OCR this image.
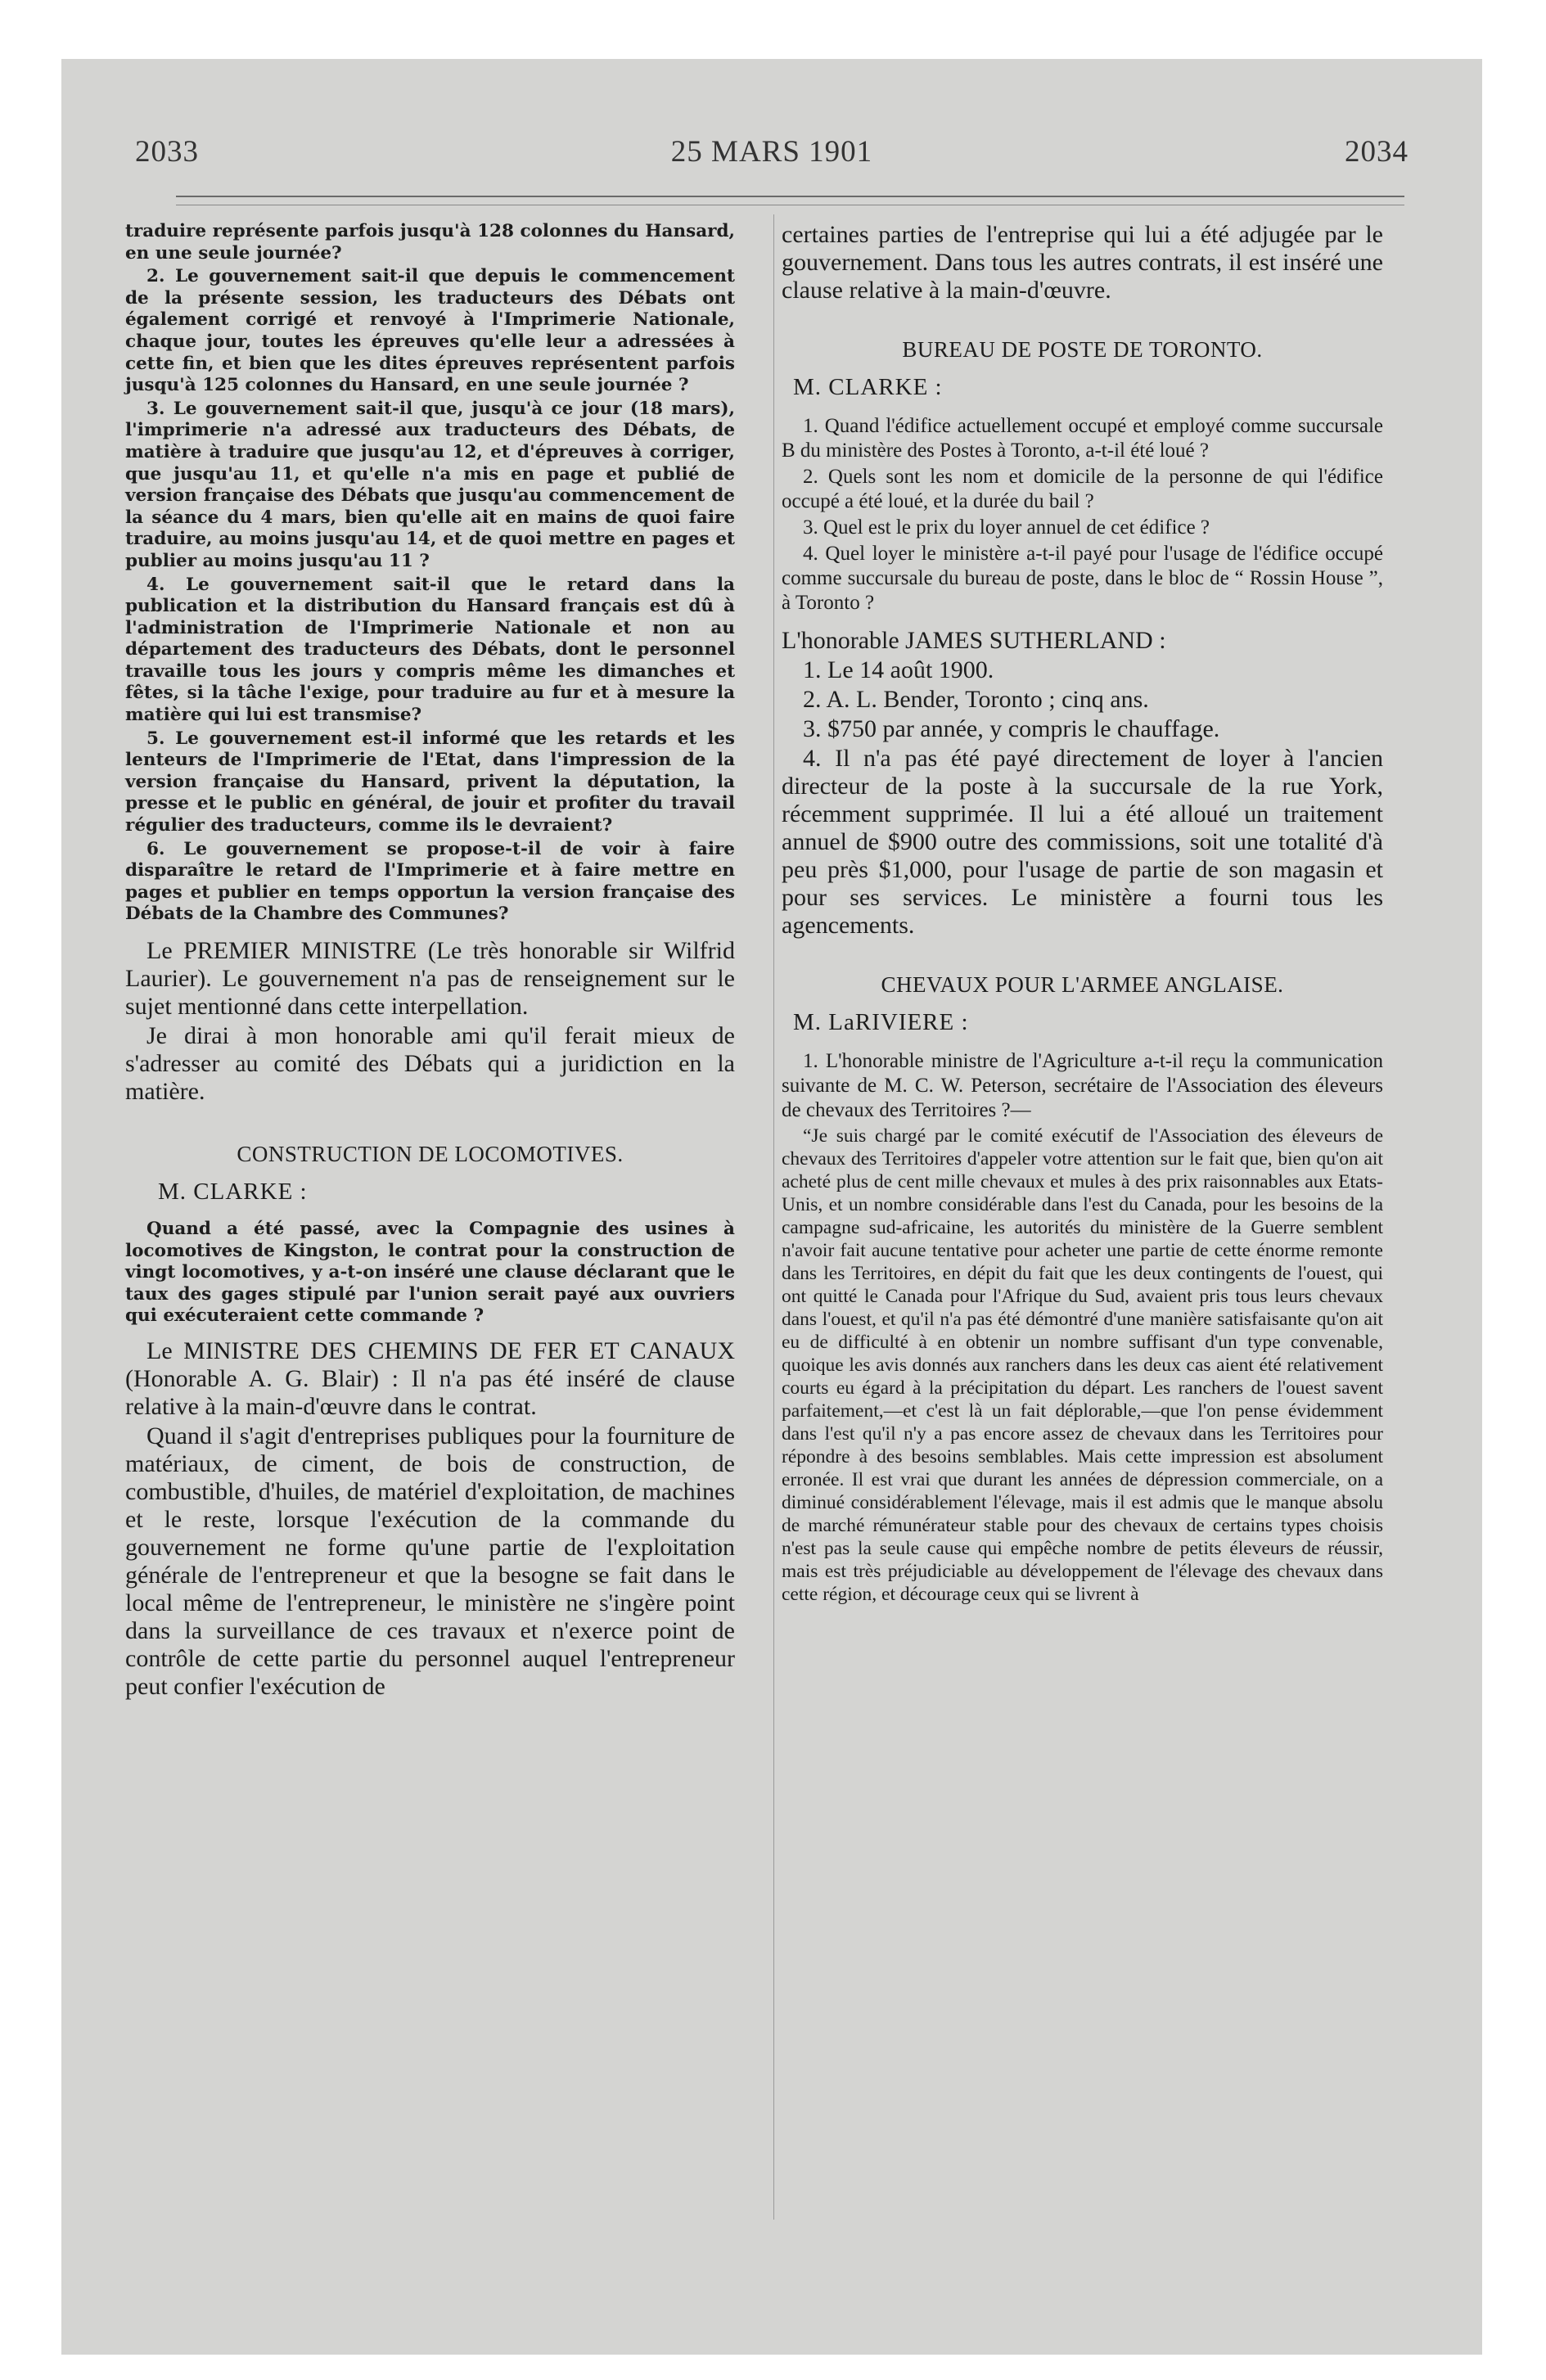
2033	25 MARS 1901	2034

traduire représente parfois jusqu'à 128 colonnes du Hansard, en une seule journée?

2. Le gouvernement sait-il que depuis le commencement de la présente session, les traducteurs des Débats ont également corrigé et renvoyé à l'Imprimerie Nationale, chaque jour, toutes les épreuves qu'elle leur a adressées à cette fin, et bien que les dites épreuves représentent parfois jusqu'à 125 colonnes du Hansard, en une seule journée ?

3. Le gouvernement sait-il que, jusqu'à ce jour (18 mars), l'imprimerie n'a adressé aux traducteurs des Débats, de matière à traduire que jusqu'au 12, et d'épreuves à corriger, que jusqu'au 11, et qu'elle n'a mis en page et publié de version française des Débats que jusqu'au commencement de la séance du 4 mars, bien qu'elle ait en mains de quoi faire traduire, au moins jusqu'au 14, et de quoi mettre en pages et publier au moins jusqu'au 11 ?

4. Le gouvernement sait-il que le retard dans la publication et la distribution du Hansard français est dû à l'administration de l'Imprimerie Nationale et non au département des traducteurs des Débats, dont le personnel travaille tous les jours y compris même les dimanches et fêtes, si la tâche l'exige, pour traduire au fur et à mesure la matière qui lui est transmise?

5. Le gouvernement est-il informé que les retards et les lenteurs de l'Imprimerie de l'Etat, dans l'impression de la version française du Hansard, privent la députation, la presse et le public en général, de jouir et profiter du travail régulier des traducteurs, comme ils le devraient?

6. Le gouvernement se propose-t-il de voir à faire disparaître le retard de l'Imprimerie et à faire mettre en pages et publier en temps opportun la version française des Débats de la Chambre des Communes?

Le PREMIER MINISTRE (Le très honorable sir Wilfrid Laurier). Le gouvernement n'a pas de renseignement sur le sujet mentionné dans cette interpellation.

Je dirai à mon honorable ami qu'il ferait mieux de s'adresser au comité des Débats qui a juridiction en la matière.

CONSTRUCTION DE LOCOMOTIVES.
M. CLARKE :

Quand a été passé, avec la Compagnie des usines à locomotives de Kingston, le contrat pour la construction de vingt locomotives, y a-t-on inséré une clause déclarant que le taux des gages stipulé par l'union serait payé aux ouvriers qui exécuteraient cette commande ?

Le MINISTRE DES CHEMINS DE FER ET CANAUX (Honorable A. G. Blair) : Il n'a pas été inséré de clause relative à la main-d'œuvre dans le contrat.

Quand il s'agit d'entreprises publiques pour la fourniture de matériaux, de ciment, de bois de construction, de combustible, d'huiles, de matériel d'exploitation, de machines et le reste, lorsque l'exécution de la commande du gouvernement ne forme qu'une partie de l'exploitation générale de l'entrepreneur et que la besogne se fait dans le local même de l'entrepreneur, le ministère ne s'ingère point dans la surveillance de ces travaux et n'exerce point de contrôle de cette partie du personnel auquel l'entrepreneur peut confier l'exécution de

certaines parties de l'entreprise qui lui a été adjugée par le gouvernement. Dans tous les autres contrats, il est inséré une clause relative à la main-d'œuvre.

BUREAU DE POSTE DE TORONTO.
M. CLARKE :

1. Quand l'édifice actuellement occupé et employé comme succursale B du ministère des Postes à Toronto, a-t-il été loué ?

2. Quels sont les nom et domicile de la personne de qui l'édifice occupé a été loué, et la durée du bail ?

3. Quel est le prix du loyer annuel de cet édifice ?

4. Quel loyer le ministère a-t-il payé pour l'usage de l'édifice occupé comme succursale du bureau de poste, dans le bloc de “ Rossin House ”, à Toronto ?

L'honorable JAMES SUTHERLAND :

1. Le 14 août 1900.

2. A. L. Bender, Toronto ; cinq ans.

3. $750 par année, y compris le chauffage.

4. Il n'a pas été payé directement de loyer à l'ancien directeur de la poste à la succursale de la rue York, récemment supprimée. Il lui a été alloué un traitement annuel de $900 outre des commissions, soit une totalité d'à peu près $1,000, pour l'usage de partie de son magasin et pour ses services. Le ministère a fourni tous les agencements.

CHEVAUX POUR L'ARMEE ANGLAISE.
M. LaRIVIERE :

1. L'honorable ministre de l'Agriculture a-t-il reçu la communication suivante de M. C. W. Peterson, secrétaire de l'Association des éleveurs de chevaux des Territoires ?—

“Je suis chargé par le comité exécutif de l'Association des éleveurs de chevaux des Territoires d'appeler votre attention sur le fait que, bien qu'on ait acheté plus de cent mille chevaux et mules à des prix raisonnables aux Etats-Unis, et un nombre considérable dans l'est du Canada, pour les besoins de la campagne sud-africaine, les autorités du ministère de la Guerre semblent n'avoir fait aucune tentative pour acheter une partie de cette énorme remonte dans les Territoires, en dépit du fait que les deux contingents de l'ouest, qui ont quitté le Canada pour l'Afrique du Sud, avaient pris tous leurs chevaux dans l'ouest, et qu'il n'a pas été démontré d'une manière satisfaisante qu'on ait eu de difficulté à en obtenir un nombre suffisant d'un type convenable, quoique les avis donnés aux ranchers dans les deux cas aient été relativement courts eu égard à la précipitation du départ. Les ranchers de l'ouest savent parfaitement,—et c'est là un fait déplorable,—que l'on pense évidemment dans l'est qu'il n'y a pas encore assez de chevaux dans les Territoires pour répondre à des besoins semblables. Mais cette impression est absolument erronée. Il est vrai que durant les années de dépression commerciale, on a diminué considérablement l'élevage, mais il est admis que le manque absolu de marché rémunérateur stable pour des chevaux de certains types choisis n'est pas la seule cause qui empêche nombre de petits éleveurs de réussir, mais est très préjudiciable au développement de l'élevage des chevaux dans cette région, et décourage ceux qui se livrent à
